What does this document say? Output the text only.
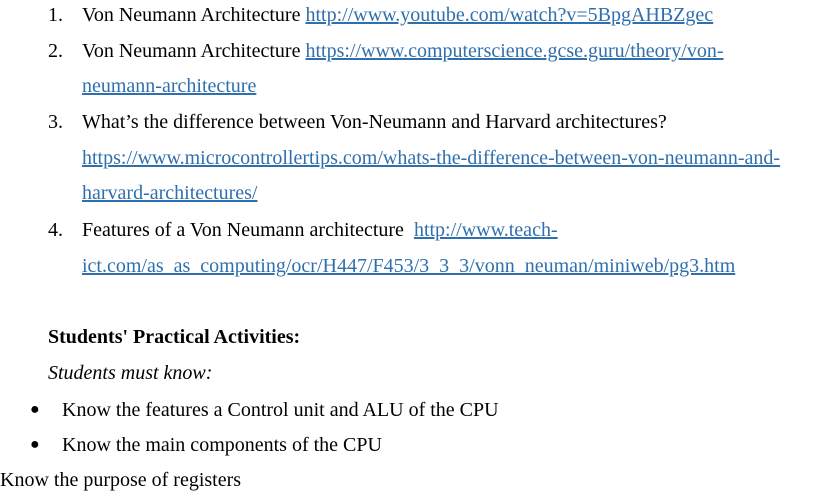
1. Von Neumann Architecture http://www.youtube.com/watch?v=5BpgAHBZgec
2. Von Neumann Architecture https://www.computerscience.gcse.guru/theory/von-
neumann-architecture
3. What’s the difference between Von-Neumann and Harvard architectures?
https://www.microcontrollertips.com/whats-the-difference-between-von-neumann-and-
harvard-architectures/
4. Features of a Von Neumann architecture http://www.teach-
ict.com/as_as_computing/ocr/H447/F453/3_3_3/vonn_neuman/miniweb/pg3.htm
Students' Practical Activities:
Students must know:
● Know the features a Control unit and ALU of the CPU
● Know the main components of the CPU
Know the purpose of registers
